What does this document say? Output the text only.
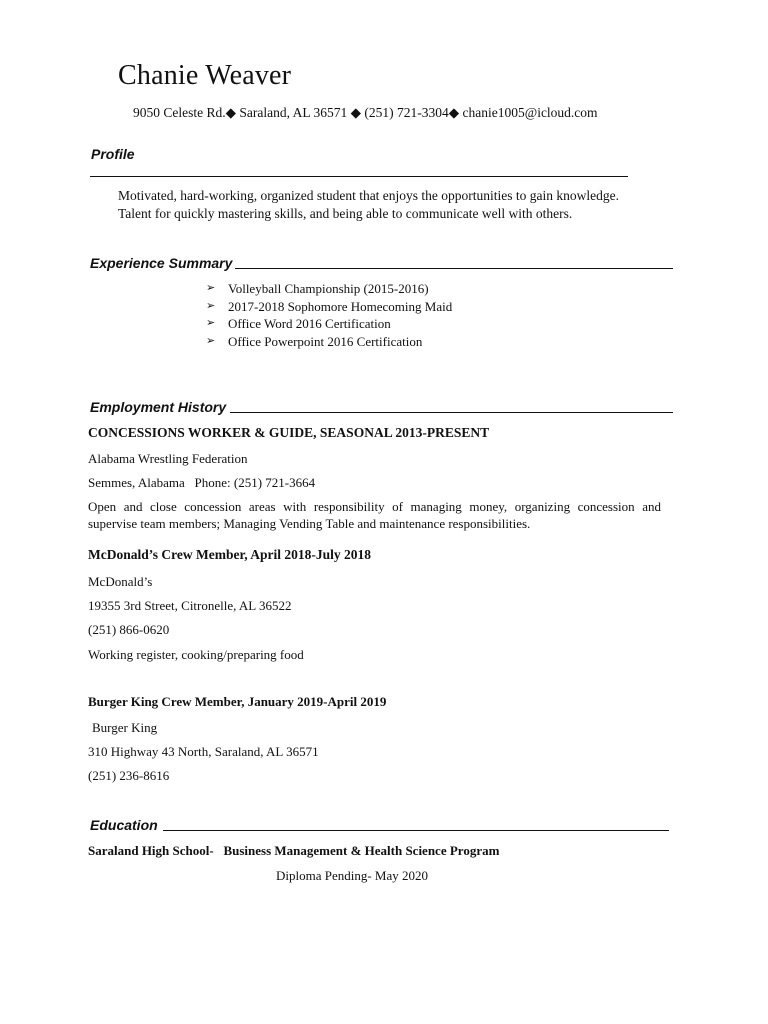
Chanie Weaver
9050 Celeste Rd.◆ Saraland, AL 36571 ◆ (251) 721-3304◆ chanie1005@icloud.com
Profile
Motivated, hard-working, organized student that enjoys the opportunities to gain knowledge.
Talent for quickly mastering skills, and being able to communicate well with others.
Experience Summary
➢ Volleyball Championship (2015-2016)
➢ 2017-2018 Sophomore Homecoming Maid
➢ Office Word 2016 Certification
➢ Office Powerpoint 2016 Certification
Employment History
CONCESSIONS WORKER & GUIDE, SEASONAL 2013-PRESENT
Alabama Wrestling Federation
Semmes, Alabama   Phone: (251) 721-3664
Open and close concession areas with responsibility of managing money, organizing concession and supervise team members; Managing Vending Table and maintenance responsibilities.
McDonald’s Crew Member, April 2018-July 2018
McDonald’s
19355 3rd Street, Citronelle, AL 36522
(251) 866-0620
Working register, cooking/preparing food
Burger King Crew Member, January 2019-April 2019
Burger King
310 Highway 43 North, Saraland, AL 36571
(251) 236-8616
Education
Saraland High School-   Business Management & Health Science Program
Diploma Pending- May 2020
